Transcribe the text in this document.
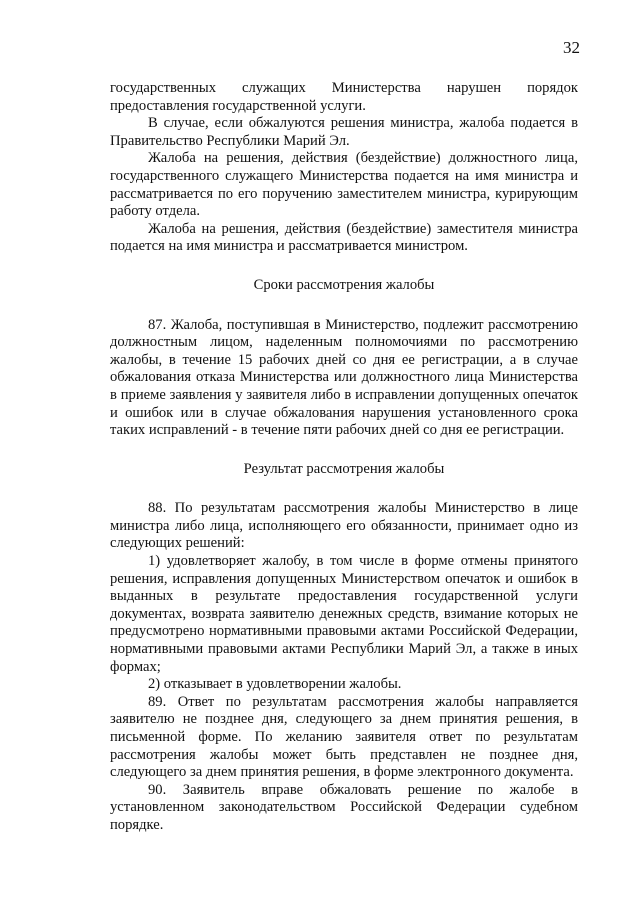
32

государственных служащих Министерства нарушен порядок предоставления государственной услуги.

В случае, если обжалуются решения министра, жалоба подается в Правительство Республики Марий Эл.

Жалоба на решения, действия (бездействие) должностного лица, государственного служащего Министерства подается на имя министра и рассматривается по его поручению заместителем министра, курирующим работу отдела.

Жалоба на решения, действия (бездействие) заместителя министра подается на имя министра и рассматривается министром.

Сроки рассмотрения жалобы

87. Жалоба, поступившая в Министерство, подлежит рассмотрению должностным лицом, наделенным полномочиями по рассмотрению жалобы, в течение 15 рабочих дней со дня ее регистрации, а в случае обжалования отказа Министерства или должностного лица Министерства в приеме заявления у заявителя либо в исправлении допущенных опечаток и ошибок или в случае обжалования нарушения установленного срока таких исправлений - в течение пяти рабочих дней со дня ее регистрации.

Результат рассмотрения жалобы

88. По результатам рассмотрения жалобы Министерство в лице министра либо лица, исполняющего его обязанности, принимает одно из следующих решений:

1) удовлетворяет жалобу, в том числе в форме отмены принятого решения, исправления допущенных Министерством опечаток и ошибок в выданных в результате предоставления государственной услуги документах, возврата заявителю денежных средств, взимание которых не предусмотрено нормативными правовыми актами Российской Федерации, нормативными правовыми актами Республики Марий Эл, а также в иных формах;

2) отказывает в удовлетворении жалобы.

89. Ответ по результатам рассмотрения жалобы направляется заявителю не позднее дня, следующего за днем принятия решения, в письменной форме. По желанию заявителя ответ по результатам рассмотрения жалобы может быть представлен не позднее дня, следующего за днем принятия решения, в форме электронного документа.

90. Заявитель вправе обжаловать решение по жалобе в установленном законодательством Российской Федерации судебном порядке.
